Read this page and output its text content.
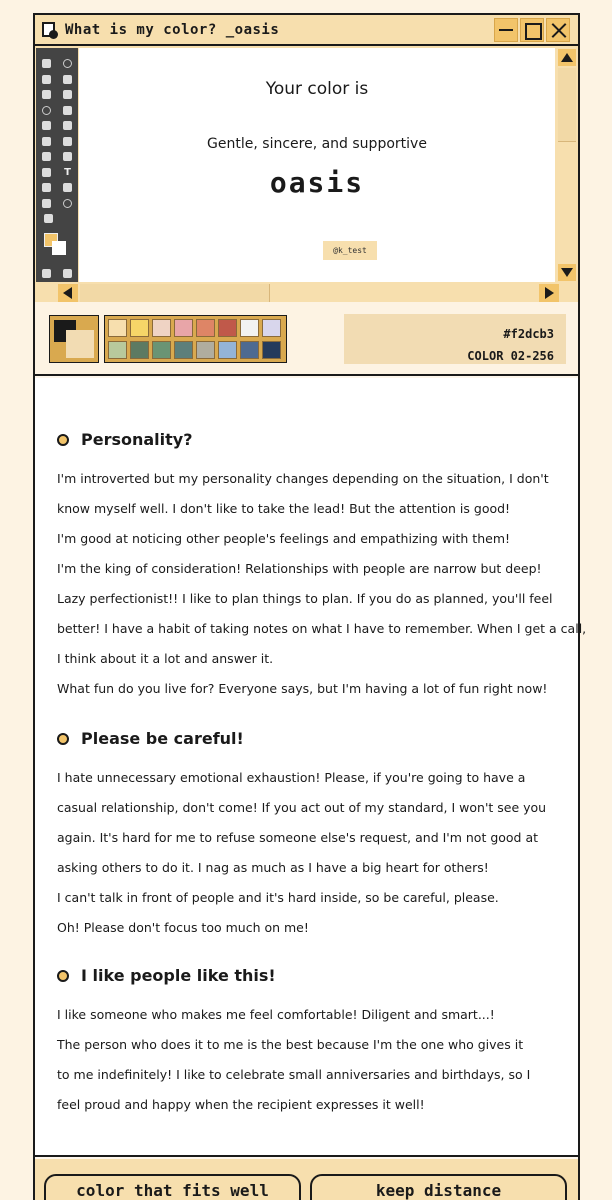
What is my color? _oasis
T
Your color is
Gentle, sincere, and supportive
oasis
@k_test
#f2dcb3
COLOR 02-256
Personality?
I'm introverted but my personality changes depending on the situation, I don't
know myself well. I don't like to take the lead! But the attention is good!
I'm good at noticing other people's feelings and empathizing with them!
I'm the king of consideration! Relationships with people are narrow but deep!
Lazy perfectionist!! I like to plan things to plan. If you do as planned, you'll feel
better! I have a habit of taking notes on what I have to remember. When I get a call,
I think about it a lot and answer it.
What fun do you live for? Everyone says, but I'm having a lot of fun right now!
Please be careful!
I hate unnecessary emotional exhaustion! Please, if you're going to have a
casual relationship, don't come! If you act out of my standard, I won't see you
again. It's hard for me to refuse someone else's request, and I'm not good at
asking others to do it. I nag as much as I have a big heart for others!
I can't talk in front of people and it's hard inside, so be careful, please.
Oh! Please don't focus too much on me!
I like people like this!
I like someone who makes me feel comfortable! Diligent and smart...!
The person who does it to me is the best because I'm the one who gives it
to me indefinitely! I like to celebrate small anniversaries and birthdays, so I
feel proud and happy when the recipient expresses it well!
color that fits well	keep distance
